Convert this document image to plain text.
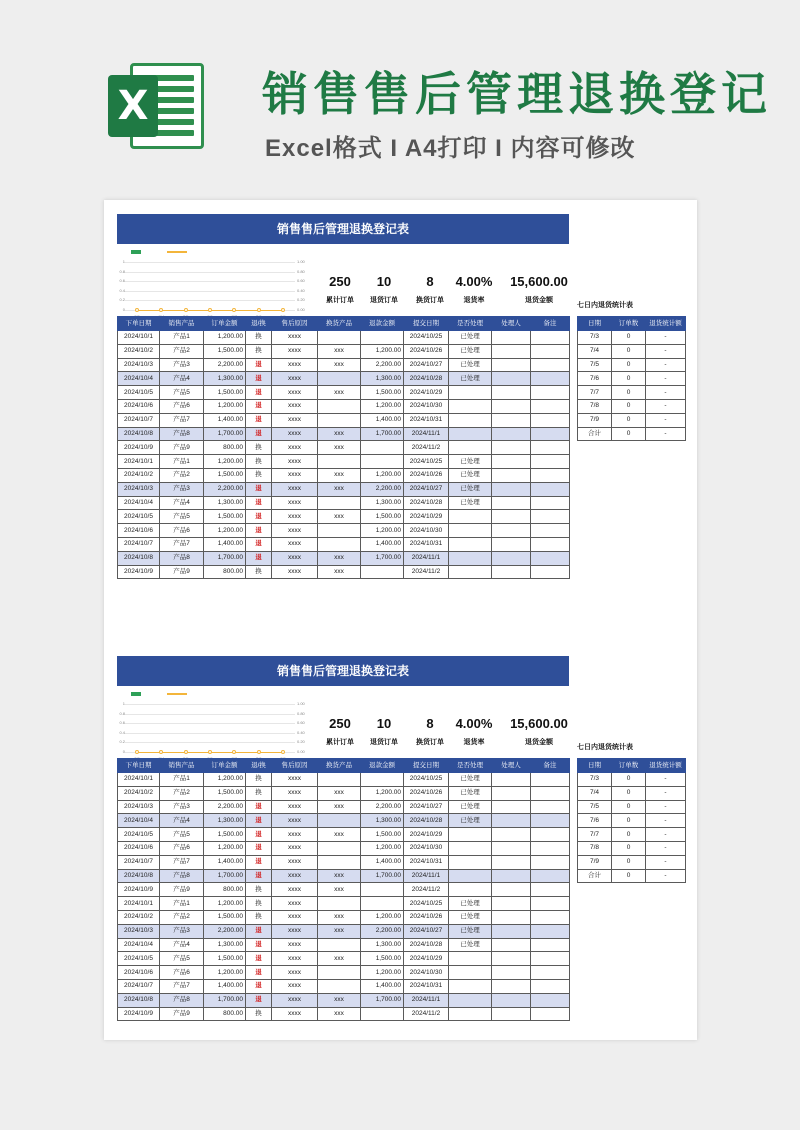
X 销售售后管理退换登记
Excel格式 I A4打印 I 内容可修改
销售售后管理退换登记表
1	1.00
0.8	0.80
0.6	0.60
0.4	0.40
0.2	0.20
0	0.00
250
累计订单
10
退货订单
8
换货订单
4.00%
退货率
15,600.00
退货金额
七日内退货统计表
下单日期	销售产品	订单金额	退/换	售后原因	换货产品	退款金额	提交日期	是否处理	处理人	备注
2024/10/1	产品1	1,200.00	换	xxxx			2024/10/25	已处理		
2024/10/2	产品2	1,500.00	换	xxxx	xxx	1,200.00	2024/10/26	已处理		
2024/10/3	产品3	2,200.00	退	xxxx	xxx	2,200.00	2024/10/27	已处理		
2024/10/4	产品4	1,300.00	退	xxxx		1,300.00	2024/10/28	已处理		
2024/10/5	产品5	1,500.00	退	xxxx	xxx	1,500.00	2024/10/29			
2024/10/6	产品6	1,200.00	退	xxxx		1,200.00	2024/10/30			
2024/10/7	产品7	1,400.00	退	xxxx		1,400.00	2024/10/31			
2024/10/8	产品8	1,700.00	退	xxxx	xxx	1,700.00	2024/11/1			
2024/10/9	产品9	800.00	换	xxxx	xxx		2024/11/2			
2024/10/1	产品1	1,200.00	换	xxxx			2024/10/25	已处理		
2024/10/2	产品2	1,500.00	换	xxxx	xxx	1,200.00	2024/10/26	已处理		
2024/10/3	产品3	2,200.00	退	xxxx	xxx	2,200.00	2024/10/27	已处理		
2024/10/4	产品4	1,300.00	退	xxxx		1,300.00	2024/10/28	已处理		
2024/10/5	产品5	1,500.00	退	xxxx	xxx	1,500.00	2024/10/29			
2024/10/6	产品6	1,200.00	退	xxxx		1,200.00	2024/10/30			
2024/10/7	产品7	1,400.00	退	xxxx		1,400.00	2024/10/31			
2024/10/8	产品8	1,700.00	退	xxxx	xxx	1,700.00	2024/11/1			
2024/10/9	产品9	800.00	换	xxxx	xxx		2024/11/2			
日期	订单数	退货统计额
7/3	0	-
7/4	0	-
7/5	0	-
7/6	0	-
7/7	0	-
7/8	0	-
7/9	0	-
合计	0	-
销售售后管理退换登记表
1	1.00
0.8	0.80
0.6	0.60
0.4	0.40
0.2	0.20
0	0.00
250
累计订单
10
退货订单
8
换货订单
4.00%
退货率
15,600.00
退货金额
七日内退货统计表
下单日期	销售产品	订单金额	退/换	售后原因	换货产品	退款金额	提交日期	是否处理	处理人	备注
2024/10/1	产品1	1,200.00	换	xxxx			2024/10/25	已处理		
2024/10/2	产品2	1,500.00	换	xxxx	xxx	1,200.00	2024/10/26	已处理		
2024/10/3	产品3	2,200.00	退	xxxx	xxx	2,200.00	2024/10/27	已处理		
2024/10/4	产品4	1,300.00	退	xxxx		1,300.00	2024/10/28	已处理		
2024/10/5	产品5	1,500.00	退	xxxx	xxx	1,500.00	2024/10/29			
2024/10/6	产品6	1,200.00	退	xxxx		1,200.00	2024/10/30			
2024/10/7	产品7	1,400.00	退	xxxx		1,400.00	2024/10/31			
2024/10/8	产品8	1,700.00	退	xxxx	xxx	1,700.00	2024/11/1			
2024/10/9	产品9	800.00	换	xxxx	xxx		2024/11/2			
2024/10/1	产品1	1,200.00	换	xxxx			2024/10/25	已处理		
2024/10/2	产品2	1,500.00	换	xxxx	xxx	1,200.00	2024/10/26	已处理		
2024/10/3	产品3	2,200.00	退	xxxx	xxx	2,200.00	2024/10/27	已处理		
2024/10/4	产品4	1,300.00	退	xxxx		1,300.00	2024/10/28	已处理		
2024/10/5	产品5	1,500.00	退	xxxx	xxx	1,500.00	2024/10/29			
2024/10/6	产品6	1,200.00	退	xxxx		1,200.00	2024/10/30			
2024/10/7	产品7	1,400.00	退	xxxx		1,400.00	2024/10/31			
2024/10/8	产品8	1,700.00	退	xxxx	xxx	1,700.00	2024/11/1			
2024/10/9	产品9	800.00	换	xxxx	xxx		2024/11/2			
日期	订单数	退货统计额
7/3	0	-
7/4	0	-
7/5	0	-
7/6	0	-
7/7	0	-
7/8	0	-
7/9	0	-
合计	0	-
